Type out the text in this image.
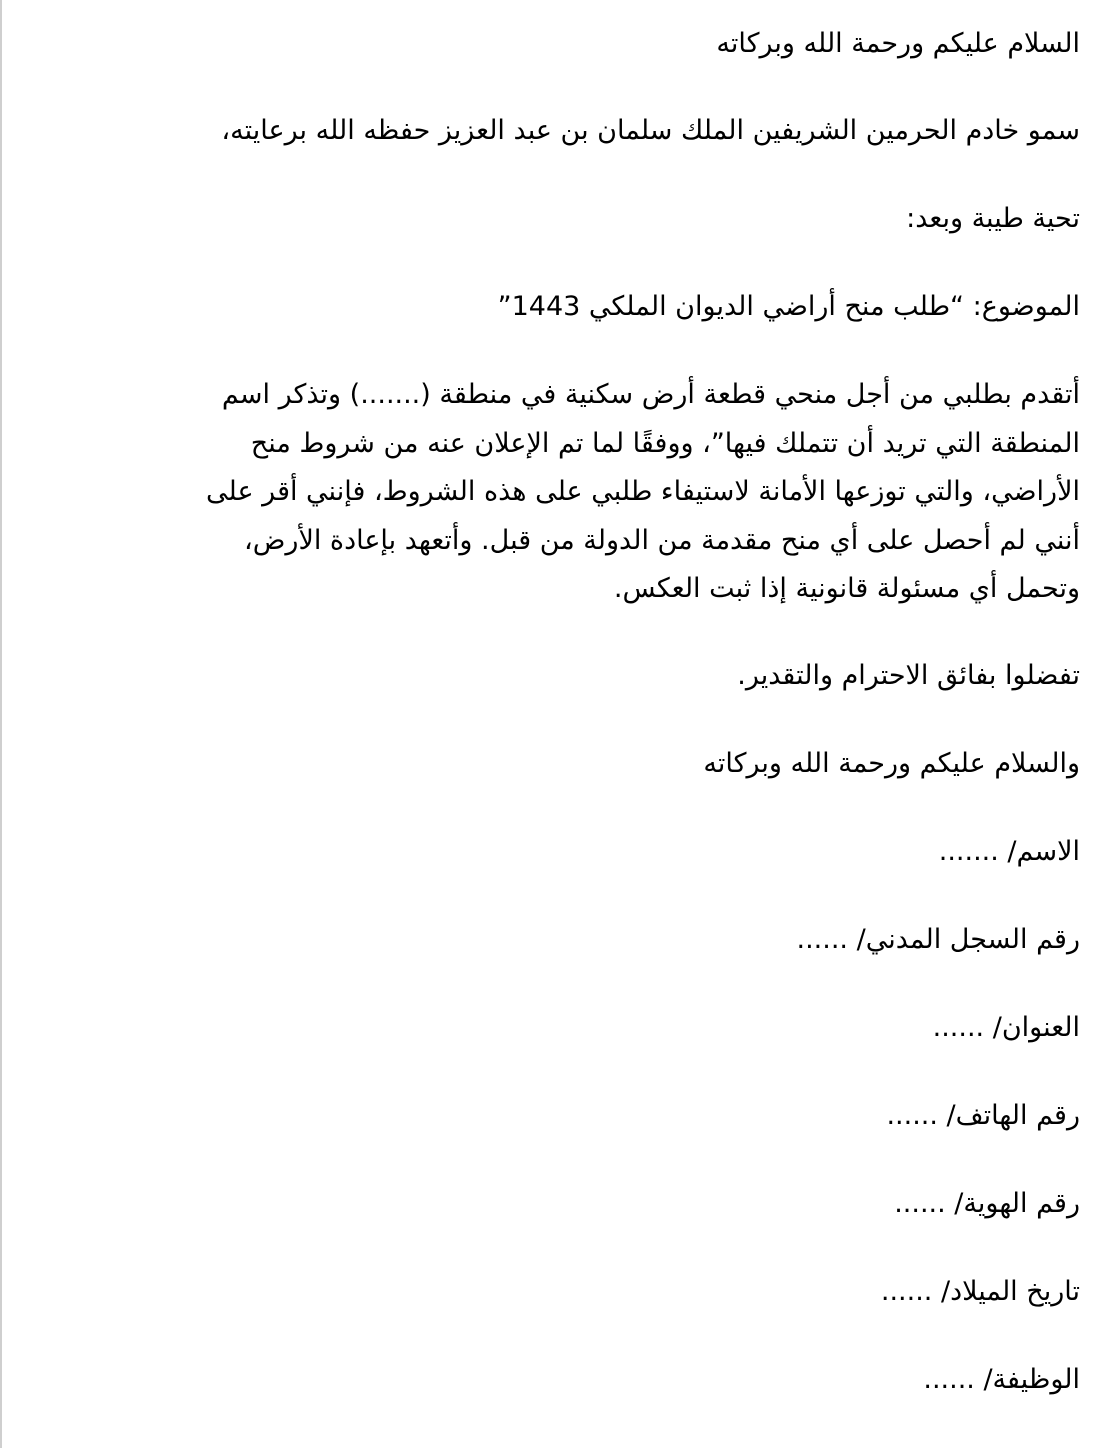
السلام عليكم ورحمة الله وبركاته

سمو خادم الحرمين الشريفين الملك سلمان بن عبد العزيز حفظه الله برعايته،

تحية طيبة وبعد:

الموضوع: “طلب منح أراضي الديوان الملكي 1443”

أتقدم بطلبي من أجل منحي قطعة أرض سكنية في منطقة (.......) وتذكر اسم
المنطقة التي تريد أن تتملك فيها”، ووفقًا لما تم الإعلان عنه من شروط منح
الأراضي، والتي توزعها الأمانة لاستيفاء طلبي على هذه الشروط، فإنني أقر على
أنني لم أحصل على أي منح مقدمة من الدولة من قبل. وأتعهد بإعادة الأرض،
وتحمل أي مسئولة قانونية إذا ثبت العكس.

تفضلوا بفائق الاحترام والتقدير.

والسلام عليكم ورحمة الله وبركاته

الاسم/ .......

رقم السجل المدني/ ......

العنوان/ ......

رقم الهاتف/ ......

رقم الهوية/ ......

تاريخ الميلاد/ ......

الوظيفة/ ......
